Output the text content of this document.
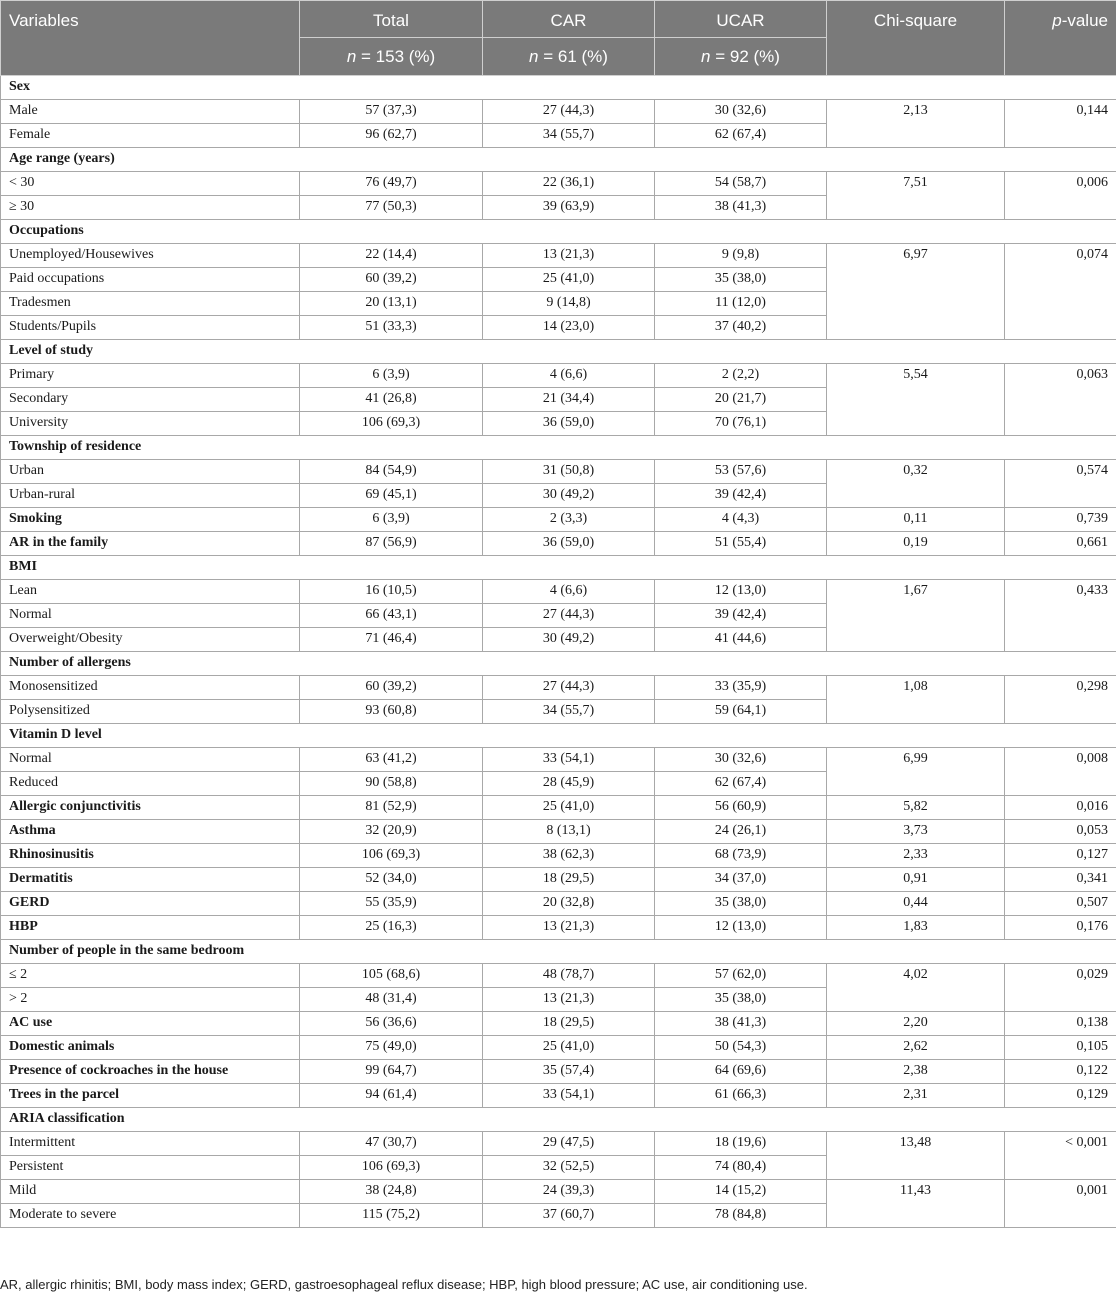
Variables	Total	CAR	UCAR	Chi-square	p-value
	n = 153 (%)	n = 61 (%)	n = 92 (%)		
Sex					
Male	57 (37,3)	27 (44,3)	30 (32,6)	2,13	0,144
Female	96 (62,7)	34 (55,7)	62 (67,4)		
Age range (years)					
< 30	76 (49,7)	22 (36,1)	54 (58,7)	7,51	0,006
≥ 30	77 (50,3)	39 (63,9)	38 (41,3)		
Occupations					
Unemployed/Housewives	22 (14,4)	13 (21,3)	9 (9,8)	6,97	0,074
Paid occupations	60 (39,2)	25 (41,0)	35 (38,0)		
Tradesmen	20 (13,1)	9 (14,8)	11 (12,0)		
Students/Pupils	51 (33,3)	14 (23,0)	37 (40,2)		
Level of study					
Primary	6 (3,9)	4 (6,6)	2 (2,2)	5,54	0,063
Secondary	41 (26,8)	21 (34,4)	20 (21,7)		
University	106 (69,3)	36 (59,0)	70 (76,1)		
Township of residence					
Urban	84 (54,9)	31 (50,8)	53 (57,6)	0,32	0,574
Urban-rural	69 (45,1)	30 (49,2)	39 (42,4)		
Smoking	6 (3,9)	2 (3,3)	4 (4,3)	0,11	0,739
AR in the family	87 (56,9)	36 (59,0)	51 (55,4)	0,19	0,661
BMI					
Lean	16 (10,5)	4 (6,6)	12 (13,0)	1,67	0,433
Normal	66 (43,1)	27 (44,3)	39 (42,4)		
Overweight/Obesity	71 (46,4)	30 (49,2)	41 (44,6)		
Number of allergens					
Monosensitized	60 (39,2)	27 (44,3)	33 (35,9)	1,08	0,298
Polysensitized	93 (60,8)	34 (55,7)	59 (64,1)		
Vitamin D level					
Normal	63 (41,2)	33 (54,1)	30 (32,6)	6,99	0,008
Reduced	90 (58,8)	28 (45,9)	62 (67,4)		
Allergic conjunctivitis	81 (52,9)	25 (41,0)	56 (60,9)	5,82	0,016
Asthma	32 (20,9)	8 (13,1)	24 (26,1)	3,73	0,053
Rhinosinusitis	106 (69,3)	38 (62,3)	68 (73,9)	2,33	0,127
Dermatitis	52 (34,0)	18 (29,5)	34 (37,0)	0,91	0,341
GERD	55 (35,9)	20 (32,8)	35 (38,0)	0,44	0,507
HBP	25 (16,3)	13 (21,3)	12 (13,0)	1,83	0,176
Number of people in the same bedroom					
≤ 2	105 (68,6)	48 (78,7)	57 (62,0)	4,02	0,029
> 2	48 (31,4)	13 (21,3)	35 (38,0)		
AC use	56 (36,6)	18 (29,5)	38 (41,3)	2,20	0,138
Domestic animals	75 (49,0)	25 (41,0)	50 (54,3)	2,62	0,105
Presence of cockroaches in the house	99 (64,7)	35 (57,4)	64 (69,6)	2,38	0,122
Trees in the parcel	94 (61,4)	33 (54,1)	61 (66,3)	2,31	0,129
ARIA classification					
Intermittent	47 (30,7)	29 (47,5)	18 (19,6)	13,48	< 0,001
Persistent	106 (69,3)	32 (52,5)	74 (80,4)		
Mild	38 (24,8)	24 (39,3)	14 (15,2)	11,43	0,001
Moderate to severe	115 (75,2)	37 (60,7)	78 (84,8)		
AR, allergic rhinitis; BMI, body mass index; GERD, gastroesophageal reflux disease; HBP, high blood pressure; AC use, air conditioning use.
